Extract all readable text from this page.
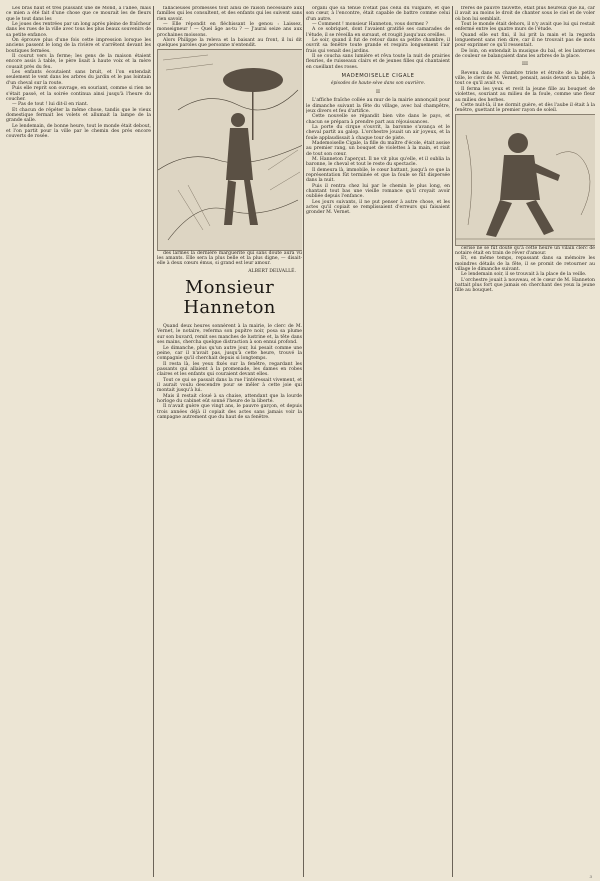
Les bras haut et très puissant une de Mond, à l'allée, mais ce mien a été fait d'une chose que ce mourait les de fleurs que le tout dans les

Le joues des rentrées par un long après pleine de fraîcheur dans les rues de la ville avec tous les plus beaux souvenirs de sa petite enfance.

On éprouve plus d'une fois cette impression lorsque les anciens passent le long de la rivière et s'arrêtent devant les boutiques fermées.

Il courut vers la ferme; les gens de la maison étaient encore assis à table, le père lisait à haute voix et la mère cousait près du feu.

Les enfants écoutaient sans bruit, et l'on entendait seulement le vent dans les arbres du jardin et le pas lointain d'un cheval sur la route.

Puis elle reprit son ouvrage, en souriant, comme si rien ne s'était passé, et la soirée continua ainsi jusqu'à l'heure du coucher.

— Pas de tout ! lui dit-il en riant.

Et chacun de répéter la même chose, tandis que le vieux domestique fermait les volets et allumait la lampe de la grande salle.

Le lendemain, de bonne heure, tout le monde était debout, et l'on partit pour la ville par le chemin des prés encore couverts de rosée.

fallacieuses promesses tout ainsi de raison nécessaire aux familles qui les consultent, et des enfants qui les suivent sans rien savoir.

— Elle répondit en fléchissant le genou : Laissez, monseigneur ! — Quel âge as-tu ? — J'aurai seize ans aux prochaines moissons.

Alors Philippe la releva et la baisant au front, il lui dit quelques paroles que personne n'entendit.

des larmes la dernière marguerite qui sans doute aura vu les amants. Elle sera la plus belle et la plus digne, — disait-elle à deux cœurs émus, si grand est leur amour.

ALBERT DELVALLÉ.
Monsieur Hanneton

Quand deux heures sonnèrent à la mairie, le clerc de M. Vernet, le notaire, referma son pupitre noir, posa sa plume sur son buvard, remit ses manches de lustrine et, la tête dans ses mains, chercha quelque distraction à son ennui profond.

Le dimanche, plus qu'un autre jour, lui pesait comme une peine, car il n'avait pas, jusqu'à cette heure, trouvé la compagnie qu'il cherchait depuis si longtemps.

Il resta là, les yeux fixés sur la fenêtre, regardant les passants qui allaient à la promenade, les dames en robes claires et les enfants qui couraient devant elles.

Tout ce qui se passait dans la rue l'intéressait vivement, et il aurait voulu descendre pour se mêler à cette joie qui montait jusqu'à lui.

Mais il restait cloué à sa chaise, attendant que la lourde horloge du cabinet eût sonné l'heure de la liberté.

Il n'avait guère que vingt ans, le pauvre garçon, et depuis trois années déjà il copiait des actes sans jamais voir la campagne autrement que du haut de sa fenêtre.

organi que sa tenue n'était pas celui du vulgaire, et que son cœur, à l'encontre, était capable de battre comme celui d'un autre.

— Comment ! monsieur Hanneton, vous dormez ?

A ce sobriquet, dont l'avaient gratifié ses camarades de l'étude, il se réveilla en sursaut, et rougit jusqu'aux oreilles.

Le soir, quand il fut de retour dans sa petite chambre, il ouvrit sa fenêtre toute grande et respira longuement l'air frais qui venait des jardins.

Il se coucha sans lumière et rêva toute la nuit de prairies fleuries, de ruisseaux clairs et de jeunes filles qui chantaient en cueillant des roses.

MADEMOISELLE CIGALE
épisodes de haute-sève dans son ouvrière.
II

L'affiche fraîche collée au mur de la mairie annonçait pour le dimanche suivant la fête du village, avec bal champêtre, jeux divers et feu d'artifice.

Cette nouvelle se répandit bien vite dans le pays, et chacun se prépara à prendre part aux réjouissances.

La porte du cirque s'ouvrit, la baronne s'avança et le cheval partit au galop. L'orchestre jouait un air joyeux, et la foule applaudissait à chaque tour de piste.

Mademoiselle Cigale, la fille du maître d'école, était assise au premier rang, un bouquet de violettes à la main, et riait de tout son cœur.

M. Hanneton l'aperçut. Il ne vit plus qu'elle, et il oublia la baronne, le cheval et tout le reste du spectacle.

Il demeura là, immobile, le cœur battant, jusqu'à ce que la représentation fût terminée et que la foule se fût dispersée dans la nuit.

Puis il rentra chez lui par le chemin le plus long, en chantant tout bas une vieille romance qu'il croyait avoir oubliée depuis l'enfance.

Les jours suivants, il ne put penser à autre chose, et les actes qu'il copiait se remplissaient d'erreurs qui faisaient gronder M. Vernet.

frères de pauvre fauvette, était plus heureux que lui, car il avait au moins le droit de chanter sous le ciel et de voler où bon lui semblait.

Tout le monde était dehors, il n'y avait que lui qui restait enfermé entre les quatre murs de l'étude.

Quand elle eut fini, il lui prit la main et la regarda longuement sans rien dire, car il ne trouvait pas de mots pour exprimer ce qu'il ressentait.

De loin, on entendait la musique du bal, et les lanternes de couleur se balançaient dans les arbres de la place.

III

Revenu dans sa chambre triste et étroite de la petite ville, le clerc de M. Vernet, pensait, assis devant sa table, à tout ce qu'il avait vu.

Il ferma les yeux et revit la jeune fille au bouquet de violettes, souriant au milieu de la foule, comme une fleur au milieu des herbes.

Cette nuit-là, il ne dormit guère, et dès l'aube il était à la fenêtre, guettant le premier rayon de soleil.

cerise ne se fût douté qu'à cette heure un vilain clerc de notaire était en train de rêver d'amour.

Et, en même temps, repassant dans sa mémoire les moindres détails de la fête, il se promit de retourner au village le dimanche suivant.

Le lendemain soir, il se trouvait à la place de la veille.

L'orchestre jouait à nouveau, et le cœur de M. Hanneton battait plus fort que jamais en cherchant des yeux la jeune fille au bouquet.

3
